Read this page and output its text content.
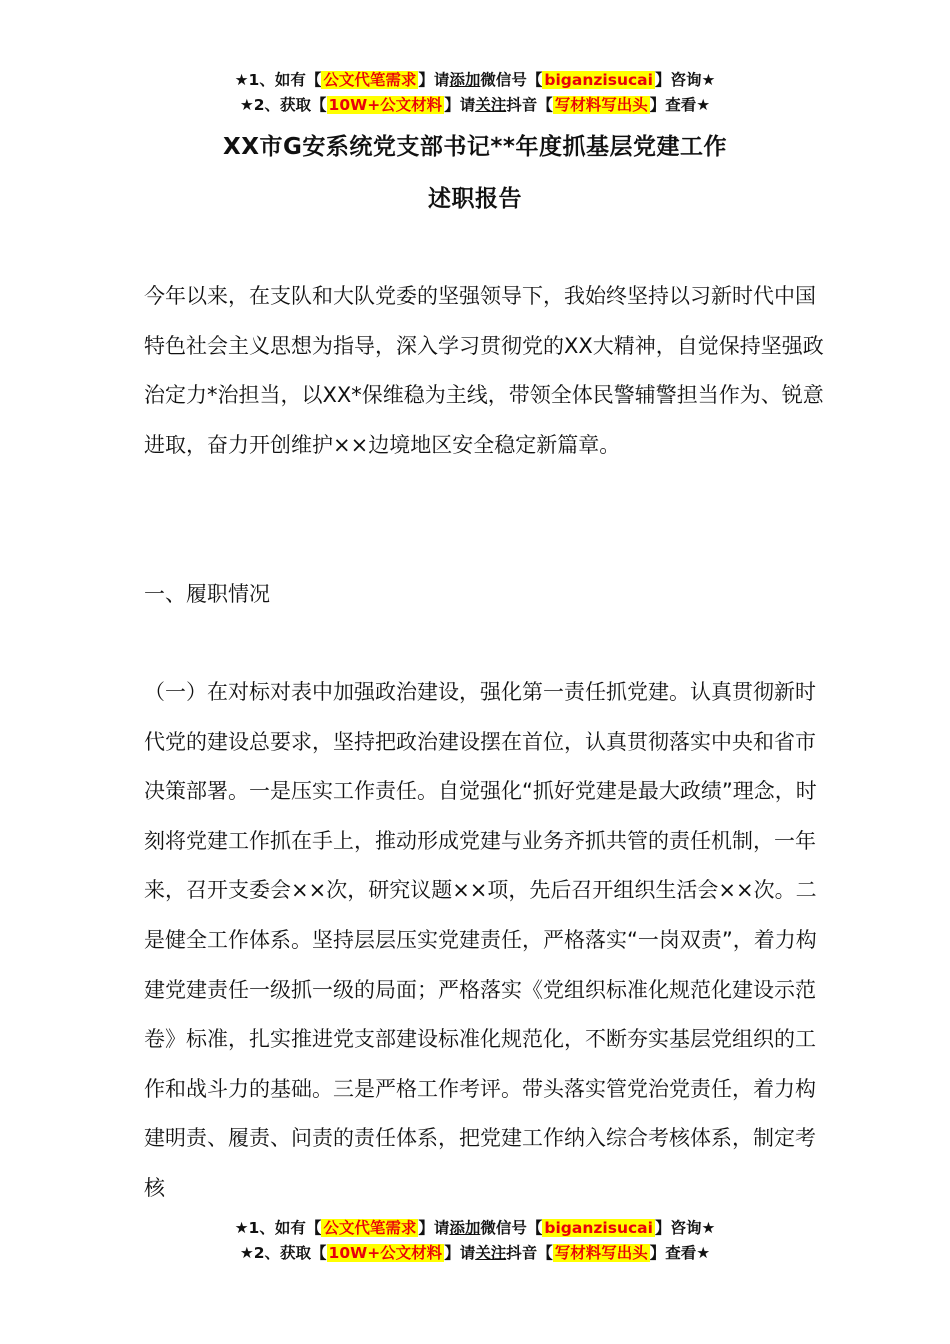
★1、如有【 公文代笔需求 】请添加微信号【 biganzisucai 】咨询★
★2、获取【 10W+公文材料 】请关注抖音【 写材料写出头 】查看★
XX市G安系统党支部书记**年度抓基层党建工作
述职报告

今年以来，在支队和大队党委的坚强领导下，我始终坚持以习新时代中国特色社会主义思想为指导，深入学习贯彻党的XX大精神，自觉保持坚强政治定力*治担当，以XX*保维稳为主线，带领全体民警辅警担当作为、锐意进取，奋力开创维护××边境地区安全稳定新篇章。

一、履职情况

（一）在对标对表中加强政治建设，强化第一责任抓党建。认真贯彻新时代党的建设总要求，坚持把政治建设摆在首位，认真贯彻落实中央和省市决策部署。一是压实工作责任。自觉强化“抓好党建是最大政绩”理念，时刻将党建工作抓在手上，推动形成党建与业务齐抓共管的责任机制，一年来，召开支委会××次，研究议题××项，先后召开组织生活会××次。二是健全工作体系。坚持层层压实党建责任，严格落实“一岗双责”，着力构建党建责任一级抓一级的局面；严格落实《党组织标准化规范化建设示范卷》标准，扎实推进党支部建设标准化规范化，不断夯实基层党组织的工作和战斗力的基础。三是严格工作考评。带头落实管党治党责任，着力构建明责、履责、问责的责任体系，把党建工作纳入综合考核体系，制定考核

★1、如有【 公文代笔需求 】请添加微信号【 biganzisucai 】咨询★
★2、获取【 10W+公文材料 】请关注抖音【 写材料写出头 】查看★
